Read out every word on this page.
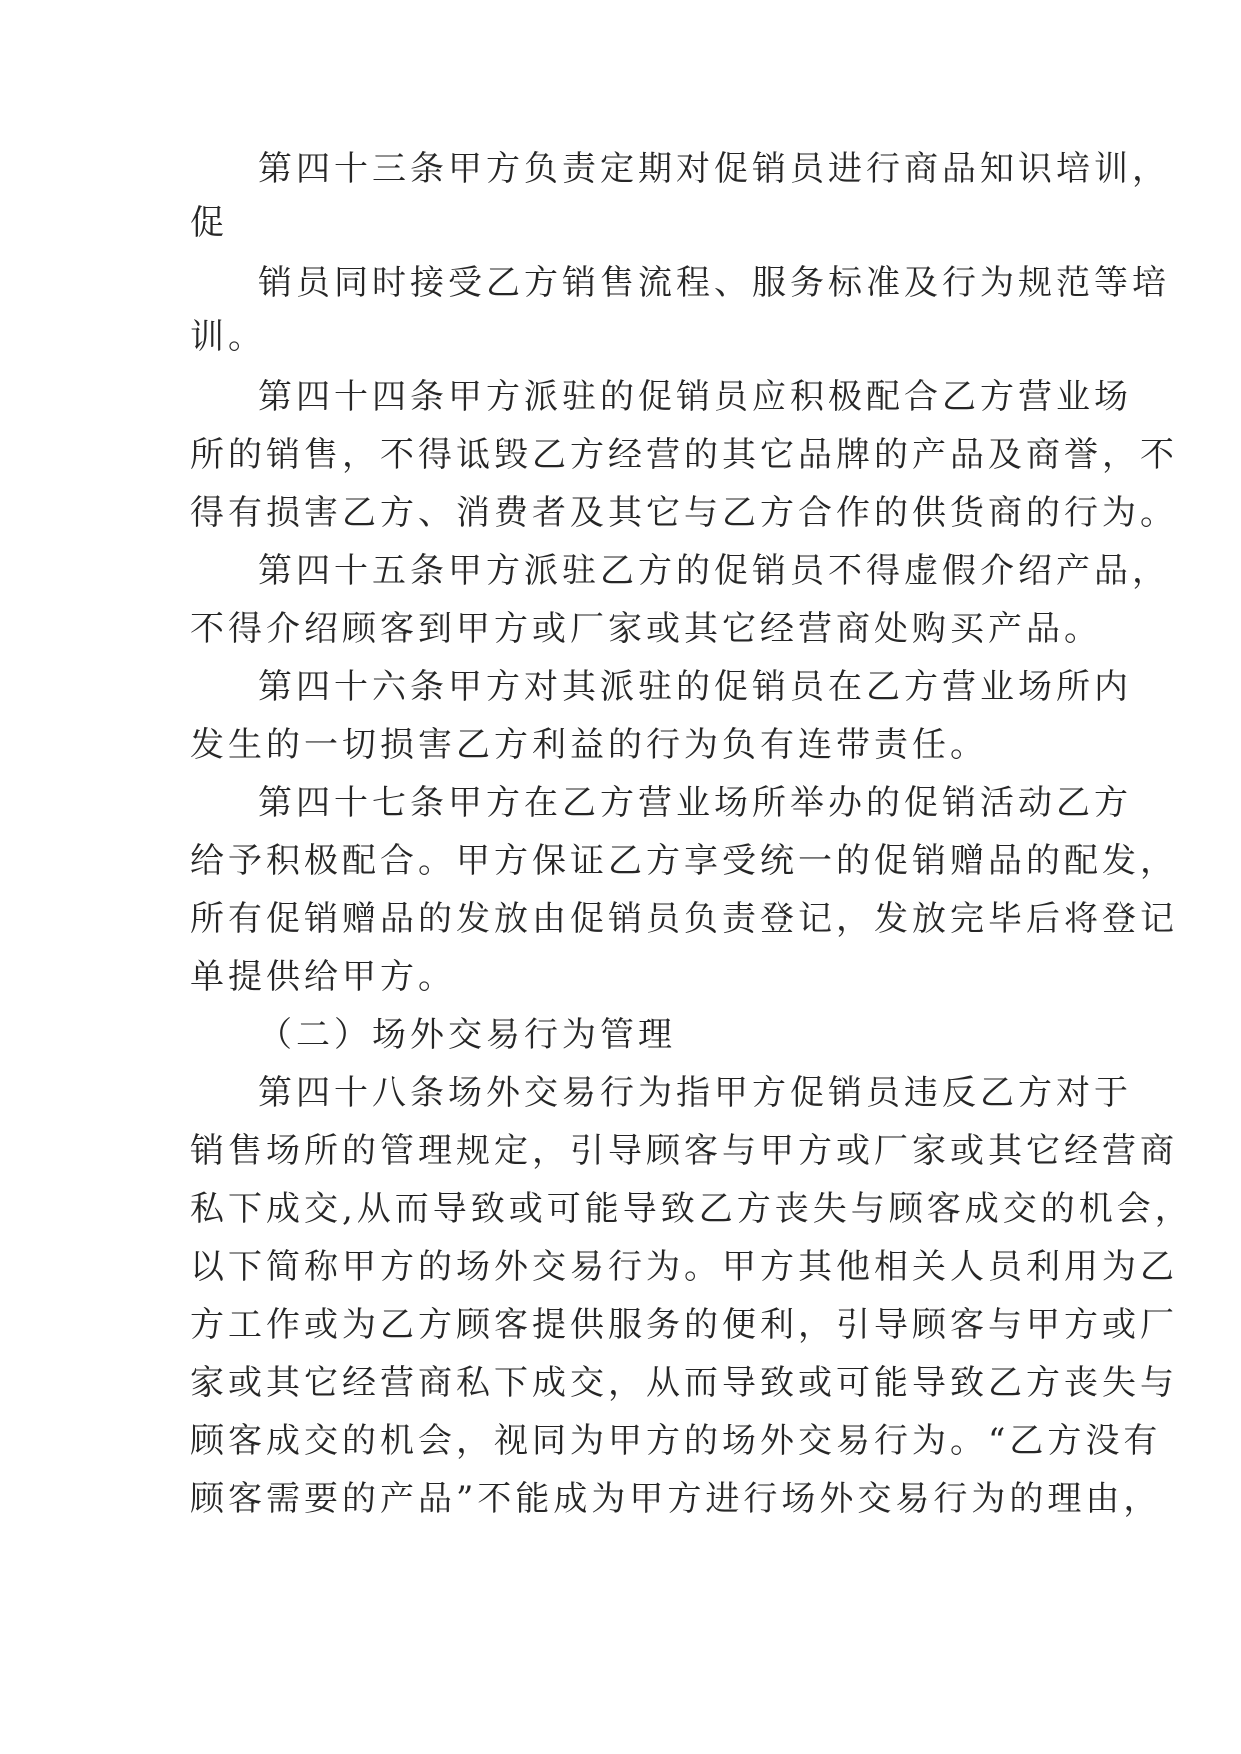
第四十三条甲方负责定期对促销员进行商品知识培训，
促
销员同时接受乙方销售流程、服务标准及行为规范等培
训。
第四十四条甲方派驻的促销员应积极配合乙方营业场
所的销售，不得诋毁乙方经营的其它品牌的产品及商誉，不
得有损害乙方、消费者及其它与乙方合作的供货商的行为。
第四十五条甲方派驻乙方的促销员不得虚假介绍产品，
不得介绍顾客到甲方或厂家或其它经营商处购买产品。
第四十六条甲方对其派驻的促销员在乙方营业场所内
发生的一切损害乙方利益的行为负有连带责任。
第四十七条甲方在乙方营业场所举办的促销活动乙方
给予积极配合。甲方保证乙方享受统一的促销赠品的配发，
所有促销赠品的发放由促销员负责登记，发放完毕后将登记
单提供给甲方。
（二）场外交易行为管理
第四十八条场外交易行为指甲方促销员违反乙方对于
销售场所的管理规定，引导顾客与甲方或厂家或其它经营商
私下成交,从而导致或可能导致乙方丧失与顾客成交的机会，
以下简称甲方的场外交易行为。甲方其他相关人员利用为乙
方工作或为乙方顾客提供服务的便利，引导顾客与甲方或厂
家或其它经营商私下成交，从而导致或可能导致乙方丧失与
顾客成交的机会，视同为甲方的场外交易行为。“乙方没有
顾客需要的产品”不能成为甲方进行场外交易行为的理由，
